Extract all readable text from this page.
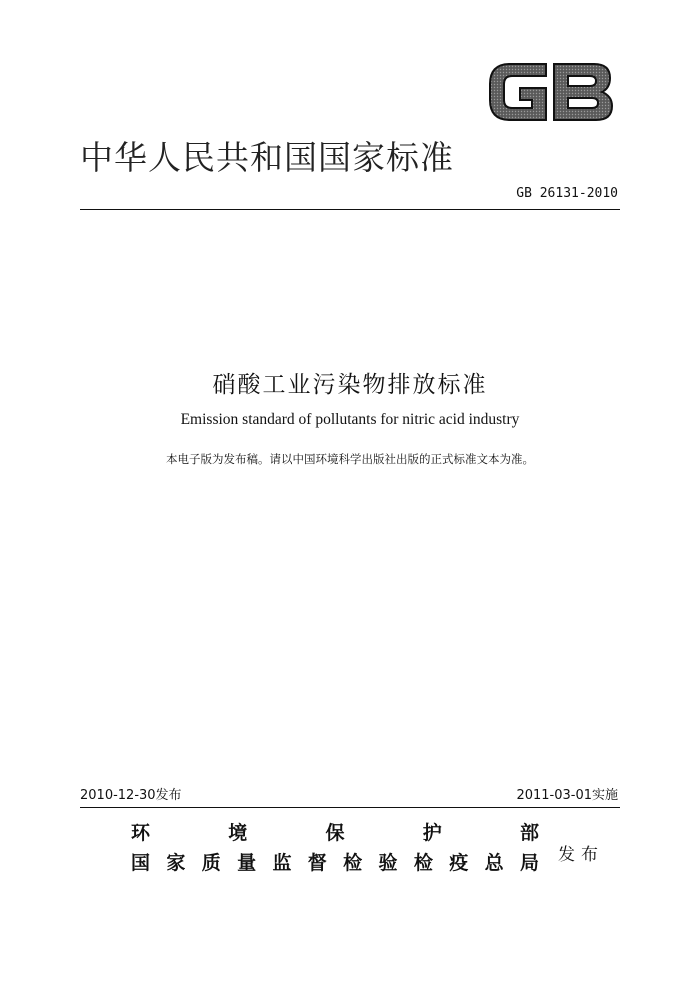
中华人民共和国国家标准
GB 26131-2010
硝酸工业污染物排放标准
Emission standard of pollutants for nitric acid industry
本电子版为发布稿。请以中国环境科学出版社出版的正式标准文本为准。
2010-12-30发布	2011-03-01实施
环	境	保	护	部
国 家 质 量 监 督 检 验 检 疫 总 局 发布
